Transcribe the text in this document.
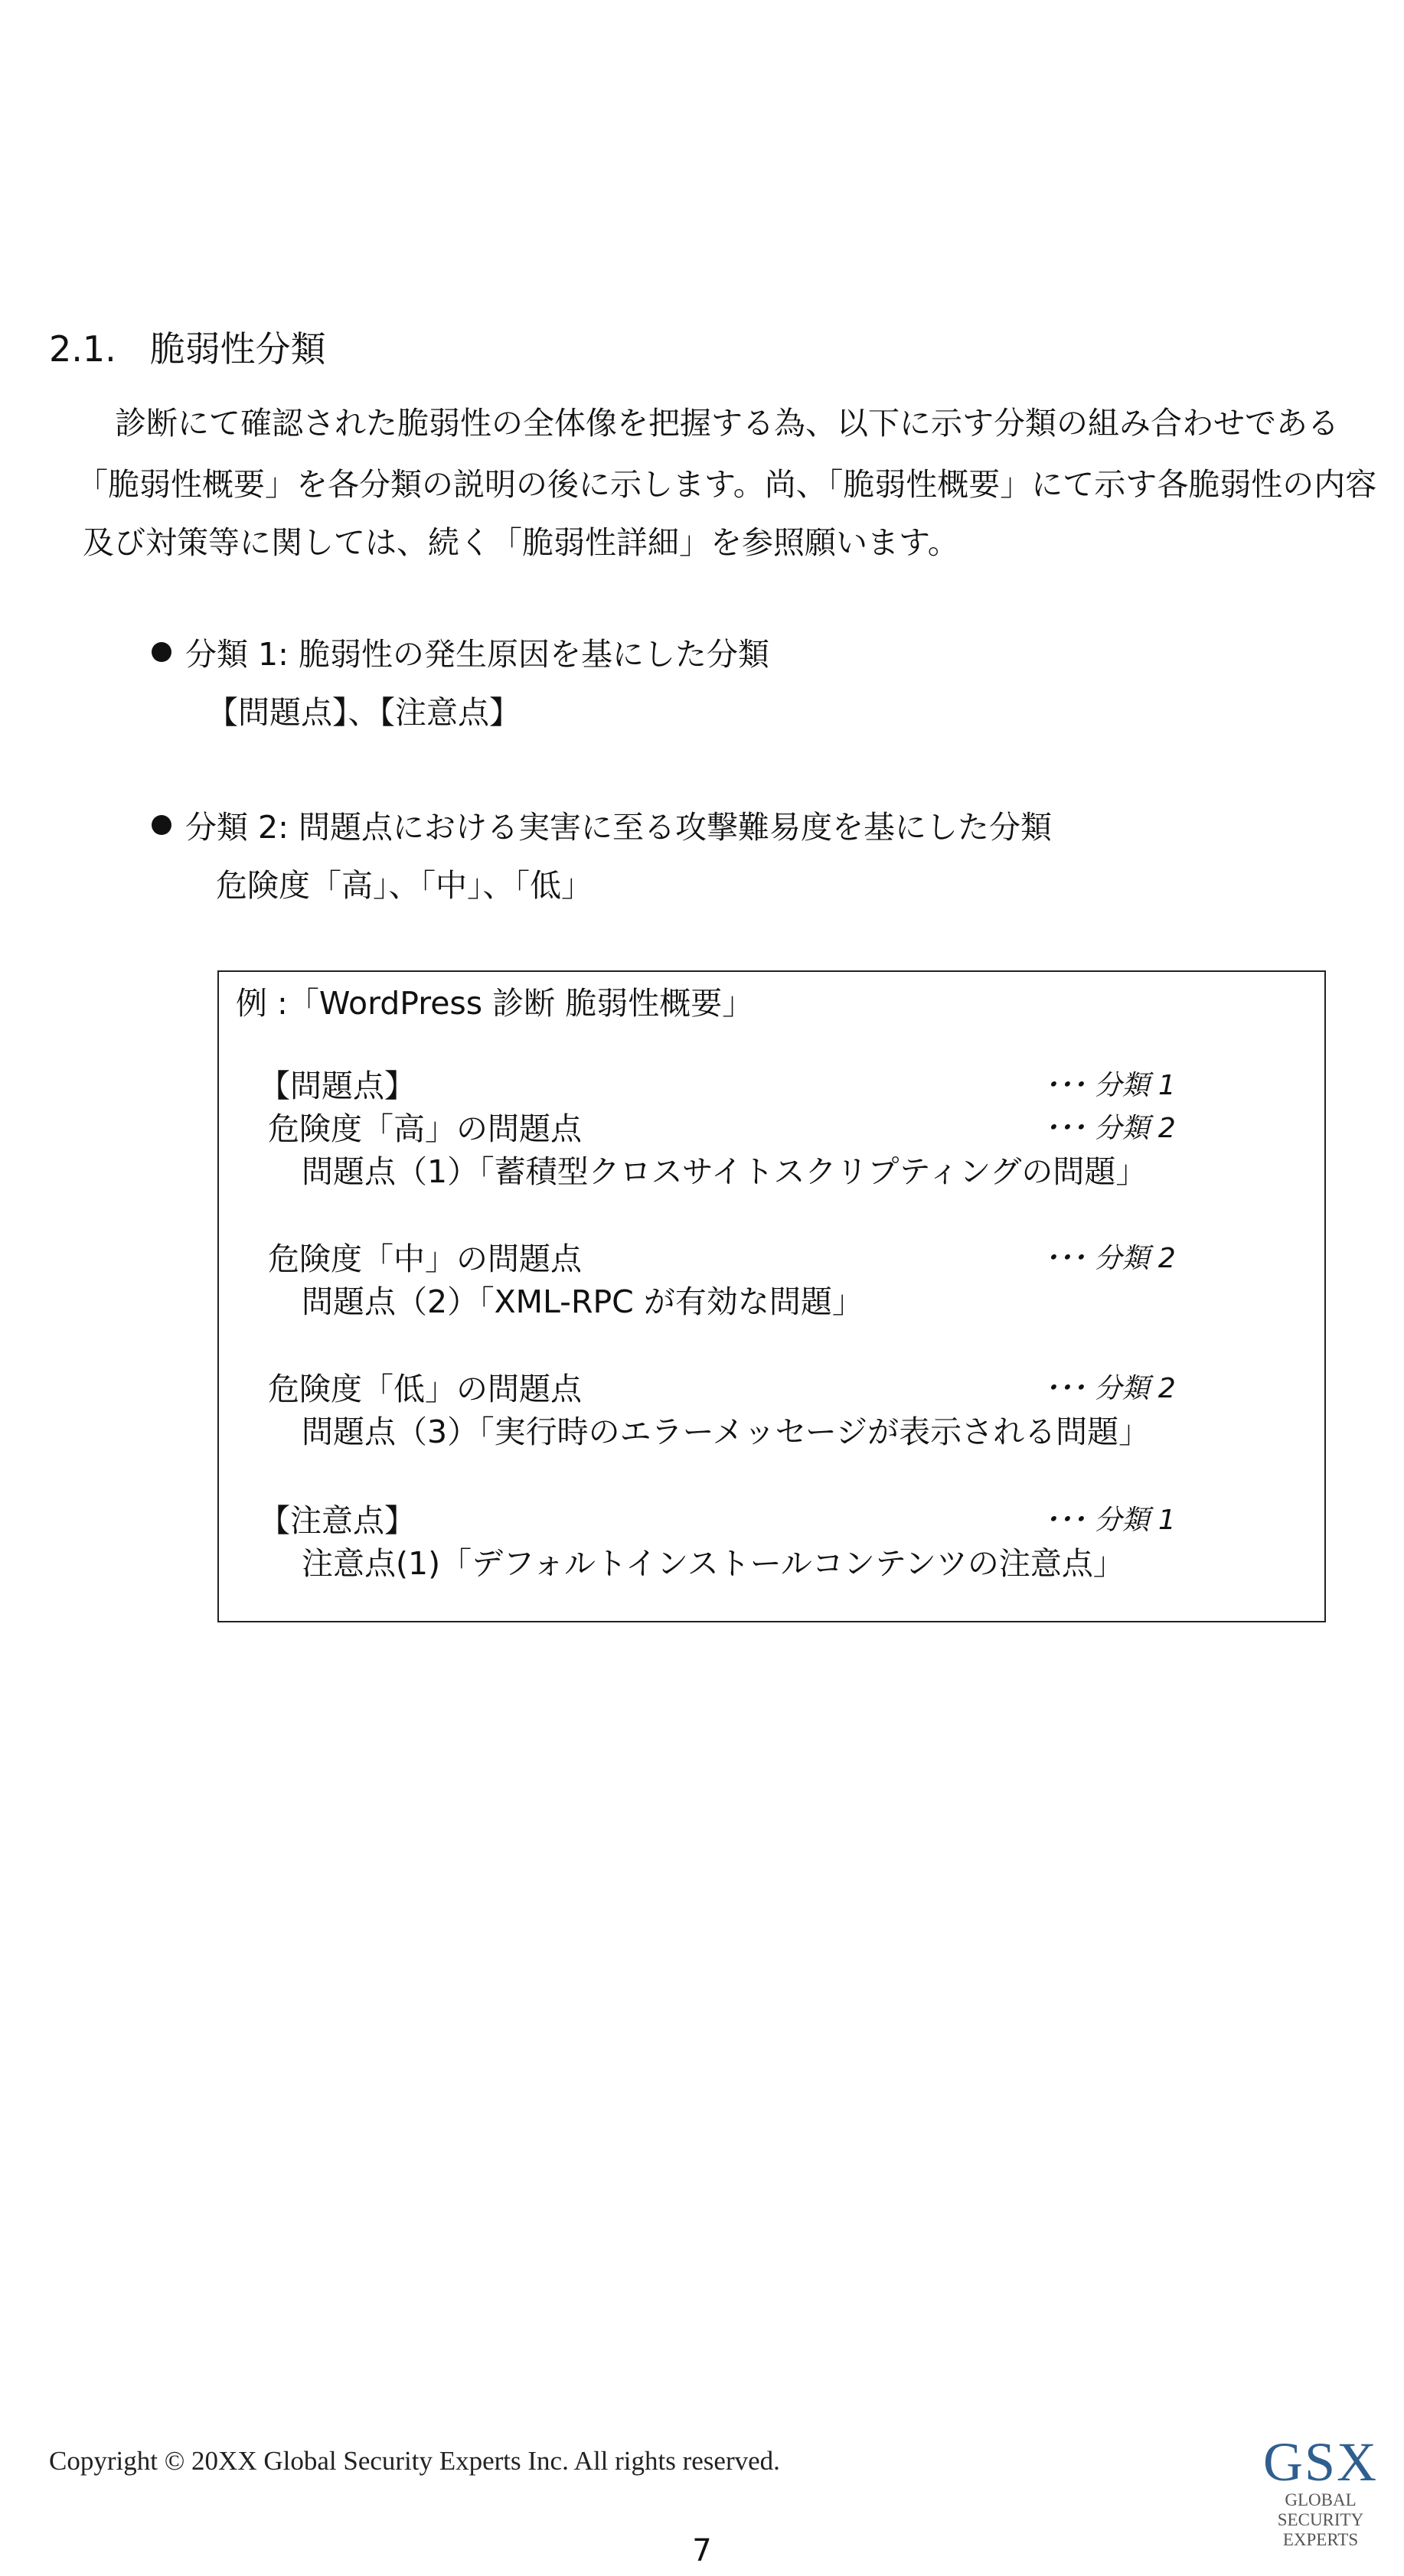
2.1. 脆弱性分類
診断にて確認された脆弱性の全体像を把握する為、以下に示す分類の組み合わせである
「脆弱性概要」を各分類の説明の後に示します。尚、「脆弱性概要」にて示す各脆弱性の内容
及び対策等に関しては、続く「脆弱性詳細」を参照願います。
分類 1: 脆弱性の発生原因を基にした分類
【問題点】、【注意点】
分類 2: 問題点における実害に至る攻撃難易度を基にした分類
危険度「高」、「中」、「低」
例 :「WordPress 診断 脆弱性概要」
【問題点】	･･･ 分類 1
危険度「高」の問題点	･･･ 分類 2
問題点（1）「蓄積型クロスサイトスクリプティングの問題」
危険度「中」の問題点	･･･ 分類 2
問題点（2）「XML-RPC が有効な問題」
危険度「低」の問題点	･･･ 分類 2
問題点（3）「実行時のエラーメッセージが表示される問題」
【注意点】	･･･ 分類 1
注意点(1)「デフォルトインストールコンテンツの注意点」
Copyright © 20XX Global Security Experts Inc. All rights reserved.
7
GSX
GLOBAL
SECURITY
EXPERTS
